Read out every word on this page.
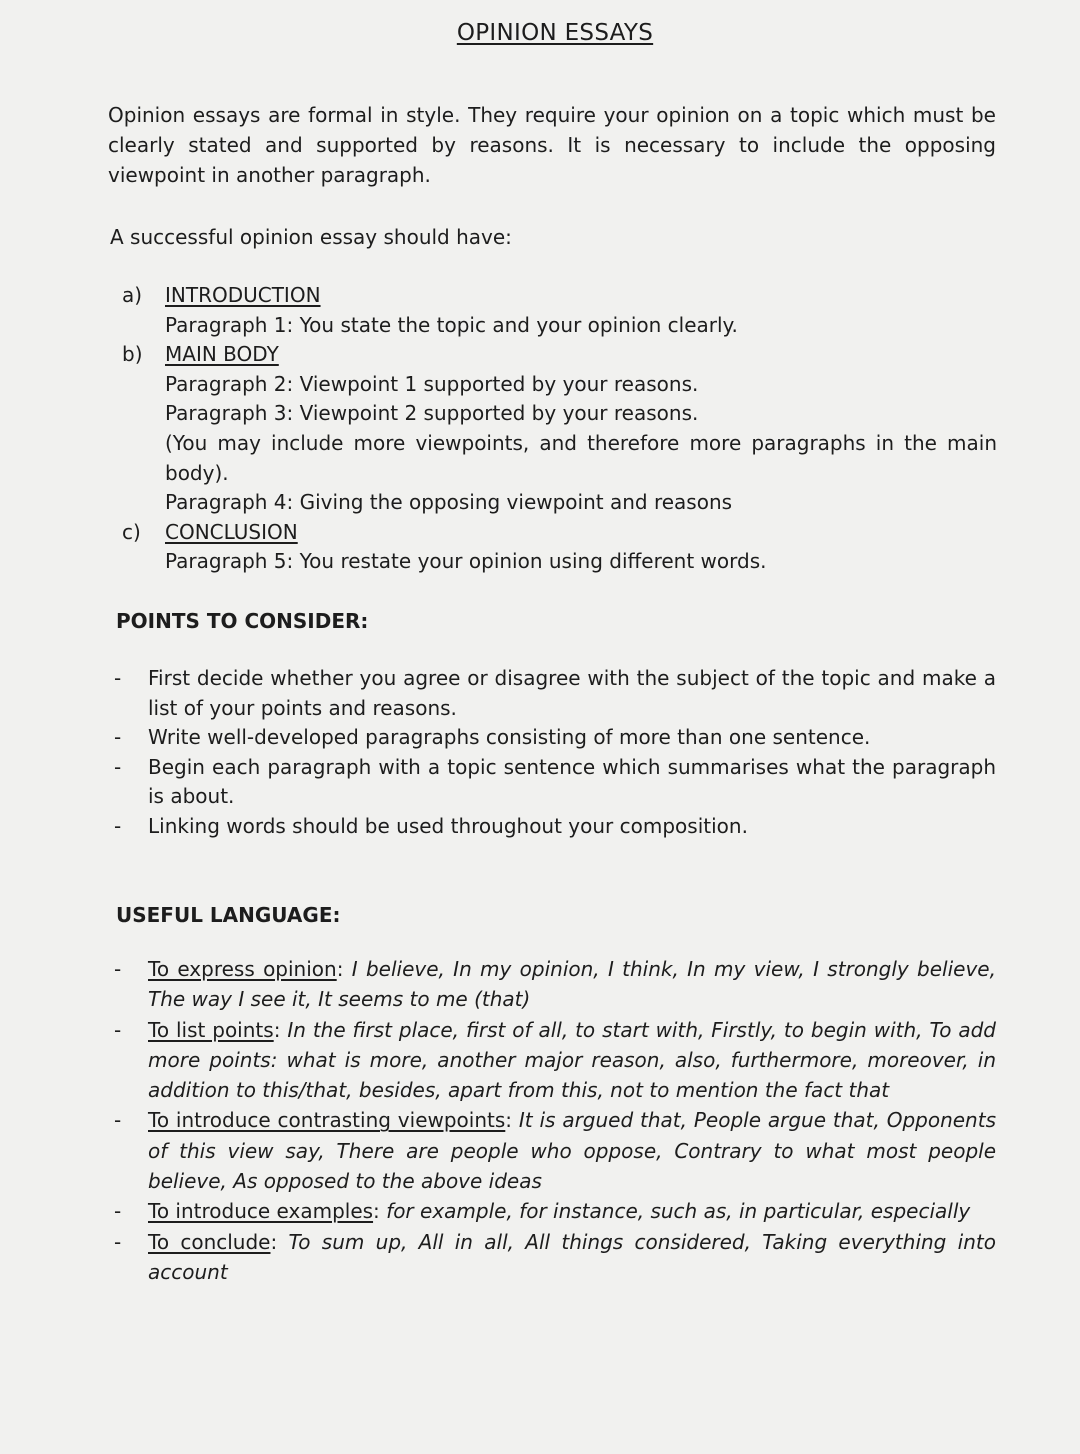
OPINION ESSAYS
Opinion essays are formal in style. They require your opinion on a topic which must be clearly stated and supported by reasons. It is necessary to include the opposing viewpoint in another paragraph.
A successful opinion essay should have:
a)	INTRODUCTION
Paragraph 1: You state the topic and your opinion clearly.
b)	MAIN BODY
Paragraph 2: Viewpoint 1 supported by your reasons.
Paragraph 3: Viewpoint 2 supported by your reasons.
(You may include more viewpoints, and therefore more paragraphs in the main body).
Paragraph 4: Giving the opposing viewpoint and reasons
c)	CONCLUSION
Paragraph 5: You restate your opinion using different words.
POINTS TO CONSIDER:
- First decide whether you agree or disagree with the subject of the topic and make a list of your points and reasons.
- Write well-developed paragraphs consisting of more than one sentence.
- Begin each paragraph with a topic sentence which summarises what the paragraph is about.
- Linking words should be used throughout your composition.
USEFUL LANGUAGE:
- To express opinion: I believe, In my opinion, I think, In my view, I strongly believe, The way I see it, It seems to me (that)
- To list points: In the first place, first of all, to start with, Firstly, to begin with, To add more points: what is more, another major reason, also, furthermore, moreover, in addition to this/that, besides, apart from this, not to mention the fact that
- To introduce contrasting viewpoints: It is argued that, People argue that, Opponents of this view say, There are people who oppose, Contrary to what most people believe, As opposed to the above ideas
- To introduce examples: for example, for instance, such as, in particular, especially
- To conclude: To sum up, All in all, All things considered, Taking everything into account
